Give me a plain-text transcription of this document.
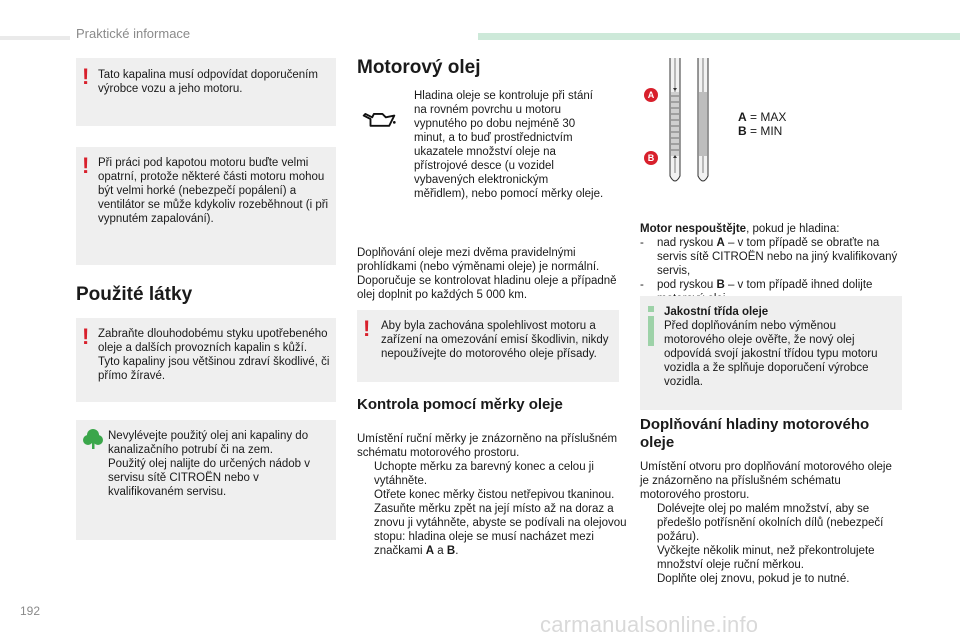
Praktické informace
! Tato kapalina musí odpovídat doporučením výrobce vozu a jeho motoru.

! Při práci pod kapotou motoru buďte velmi opatrní, protože některé části motoru mohou být velmi horké (nebezpečí popálení) a ventilátor se může kdykoliv rozeběhnout (i při vypnutém zapalování).

Použité látky
! Zabraňte dlouhodobému styku upotřebeného oleje a dalších provozních kapalin s kůží.
Tyto kapaliny jsou většinou zdraví škodlivé, či přímo žíravé.

Nevylévejte použitý olej ani kapaliny do kanalizačního potrubí či na zem.
Použitý olej nalijte do určených nádob v servisu sítě CITROËN nebo v kvalifikovaném servisu.

Motorový olej

Hladina oleje se kontroluje při stání na rovném povrchu u motoru vypnutého po dobu nejméně 30 minut, a to buď prostřednictvím ukazatele množství oleje na přístrojové desce (u vozidel vybavených elektronickým měřidlem), nebo pomocí měrky oleje.

Doplňování oleje mezi dvěma pravidelnými prohlídkami (nebo výměnami oleje) je normální. Doporučuje se kontrolovat hladinu oleje a případně olej doplnit po každých 5 000 km.

! Aby byla zachována spolehlivost motoru a zařízení na omezování emisí škodlivin, nikdy nepoužívejte do motorového oleje přísady.

Kontrola pomocí měrky oleje

Umístění ruční měrky je znázorněno na příslušném schématu motorového prostoru.

Uchopte měrku za barevný konec a celou ji vytáhněte.
Otřete konec měrky čistou netřepivou tkaninou.
Zasuňte měrku zpět na její místo až na doraz a znovu ji vytáhněte, abyste se podívali na olejovou stopu: hladina oleje se musí nacházet mezi značkami A a B.
A
B
A = MAX
B = MIN

Motor nespouštějte, pokud je hladina:

- nad ryskou A – v tom případě se obraťte na servis sítě CITROËN nebo na jiný kvalifikovaný servis,
- pod ryskou B – v tom případě ihned dolijte

Jakostní třída oleje

Před doplňováním nebo výměnou motorového oleje ověřte, že nový olej odpovídá svojí jakostní třídou typu motoru vozidla a že splňuje doporučení výrobce vozidla.

Doplňování hladiny motorového oleje

Umístění otvoru pro doplňování motorového oleje je znázorněno na příslušném schématu motorového prostoru.

Dolévejte olej po malém množství, aby se předešlo potřísnění okolních dílů (nebezpečí požáru).
Vyčkejte několik minut, než překontrolujete množství oleje ruční měrkou.
Doplňte olej znovu, pokud je to nutné.
192
carmanualsonline.info
